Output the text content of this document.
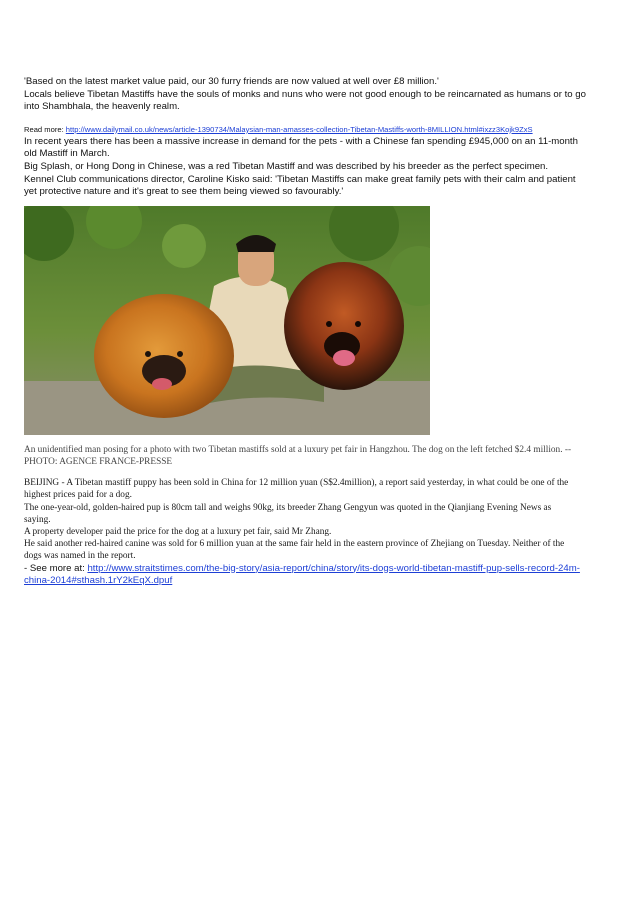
'Based on the latest market value paid, our 30 furry friends are now valued at well over £8 million.'
Locals believe Tibetan Mastiffs have the souls of monks and nuns who were not good enough to be reincarnated as humans or to go
into Shambhala, the heavenly realm.
Read more: http://www.dailymail.co.uk/news/article-1390734/Malaysian-man-amasses-collection-Tibetan-Mastiffs-worth-8MILLION.html#ixzz3Kojk9ZxS
In recent years there has been a massive increase in demand for the pets - with a Chinese fan spending £945,000 on an 11-month
old Mastiff in March.
Big Splash, or Hong Dong in Chinese, was a red Tibetan Mastiff and was described by his breeder as the perfect specimen.
Kennel Club communications director, Caroline Kisko said: 'Tibetan Mastiffs can make great family pets with their calm and patient
yet protective nature and it's great to see them being viewed so favourably.'
An unidentified man posing for a photo with two Tibetan mastiffs sold at a luxury pet fair in Hangzhou. The dog on the left fetched $2.4 million. --
PHOTO: AGENCE FRANCE-PRESSE
BEIJING - A Tibetan mastiff puppy has been sold in China for 12 million yuan (S$2.4million), a report said yesterday, in what could be one of the
highest prices paid for a dog.
The one-year-old, golden-haired pup is 80cm tall and weighs 90kg, its breeder Zhang Gengyun was quoted in the Qianjiang Evening News as
saying.
A property developer paid the price for the dog at a luxury pet fair, said Mr Zhang.
He said another red-haired canine was sold for 6 million yuan at the same fair held in the eastern province of Zhejiang on Tuesday. Neither of the
dogs was named in the report.
- See more at: http://www.straitstimes.com/the-big-story/asia-report/china/story/its-dogs-world-tibetan-mastiff-pup-sells-record-24m-
china-2014#sthash.1rY2kEqX.dpuf
